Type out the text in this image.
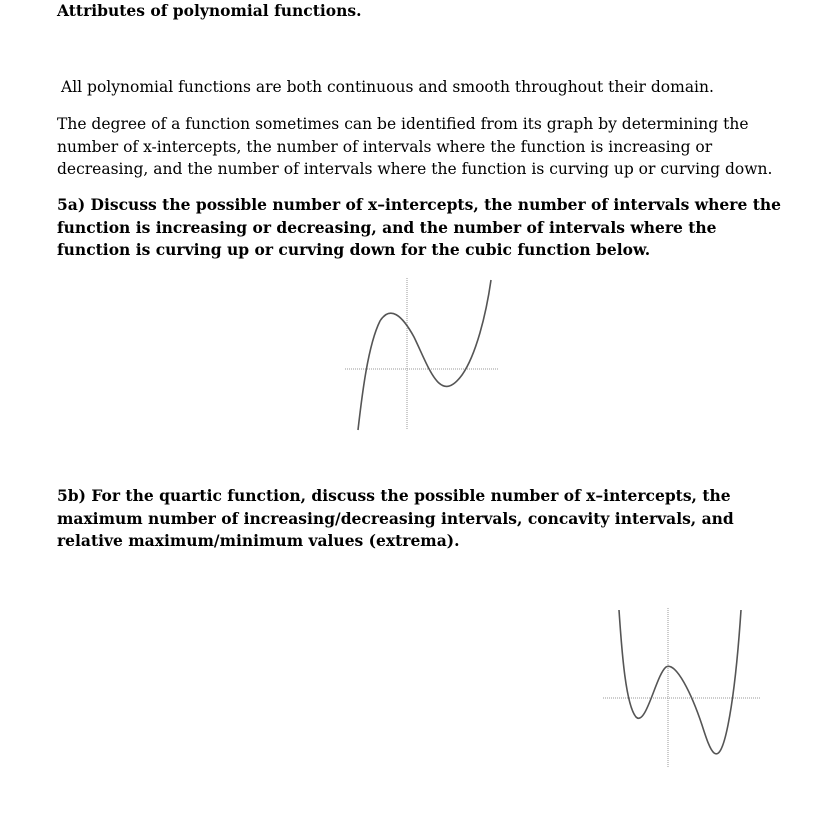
Attributes of polynomial functions.
All polynomial functions are both continuous and smooth throughout their domain.
The degree of a function sometimes can be identified from its graph by determining the number of x-intercepts, the number of intervals where the function is increasing or decreasing, and the number of intervals where the function is curving up or curving down.
5a) Discuss the possible number of x–intercepts, the number of intervals where the function is increasing or decreasing, and the number of intervals where the function is curving up or curving down for the cubic function below.
5b) For the quartic function, discuss the possible number of x–intercepts, the maximum number of increasing/decreasing intervals, concavity intervals, and relative maximum/minimum values (extrema).
